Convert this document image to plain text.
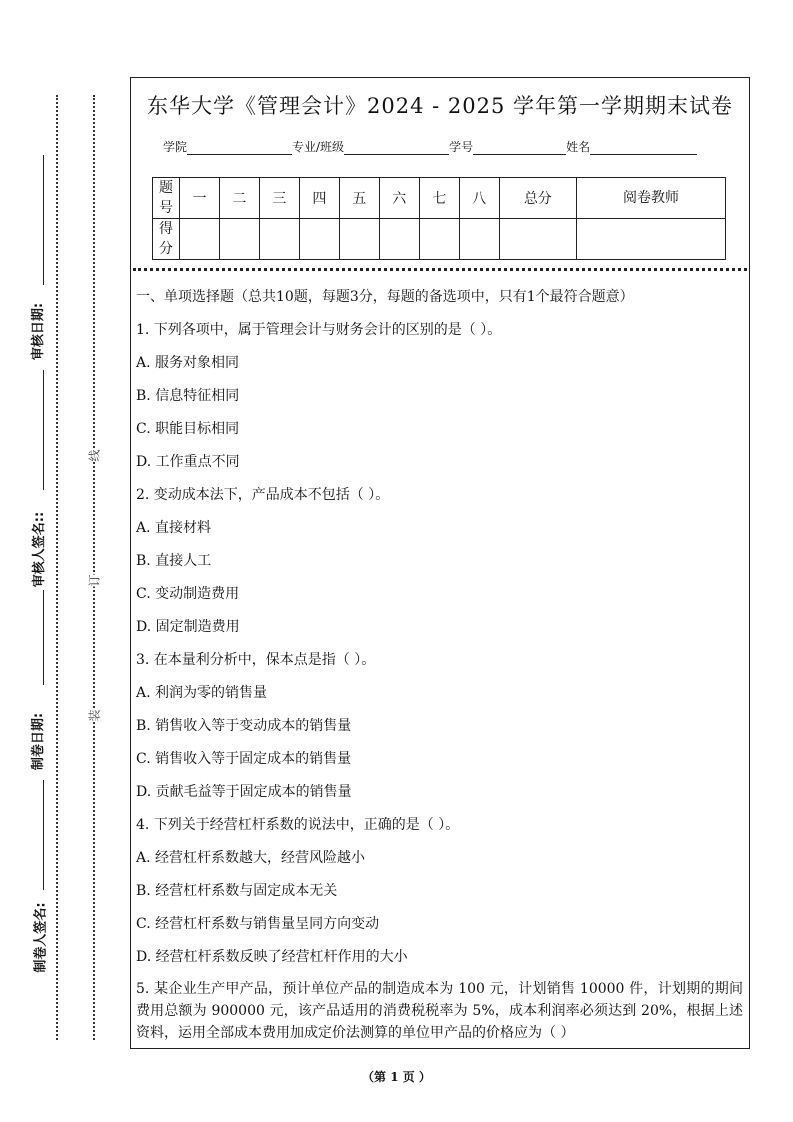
审核日期:
审核人签名::
制卷日期:
制卷人签名:
线
订
装
东华大学《管理会计》2024 - 2025 学年第一学期期末试卷
学院	专业/班级	学号	姓名
题号	一	二	三	四	五	六	七	八	总分	阅卷教师
得分										
一、单项选择题（总共10题，每题3分，每题的备选项中，只有1个最符合题意）
1. 下列各项中，属于管理会计与财务会计的区别的是（ ）。
A. 服务对象相同
B. 信息特征相同
C. 职能目标相同
D. 工作重点不同
2. 变动成本法下，产品成本不包括（ ）。
A. 直接材料
B. 直接人工
C. 变动制造费用
D. 固定制造费用
3. 在本量利分析中，保本点是指（ ）。
A. 利润为零的销售量
B. 销售收入等于变动成本的销售量
C. 销售收入等于固定成本的销售量
D. 贡献毛益等于固定成本的销售量
4. 下列关于经营杠杆系数的说法中，正确的是（ ）。
A. 经营杠杆系数越大，经营风险越小
B. 经营杠杆系数与固定成本无关
C. 经营杠杆系数与销售量呈同方向变动
D. 经营杠杆系数反映了经营杠杆作用的大小
5. 某企业生产甲产品，预计单位产品的制造成本为 100 元，计划销售 10000 件，计划期的期间费用总额为 900000 元，该产品适用的消费税税率为 5%，成本利润率必须达到 20%，根据上述资料，运用全部成本费用加成定价法测算的单位甲产品的价格应为（ ）
（第 1 页 ）
